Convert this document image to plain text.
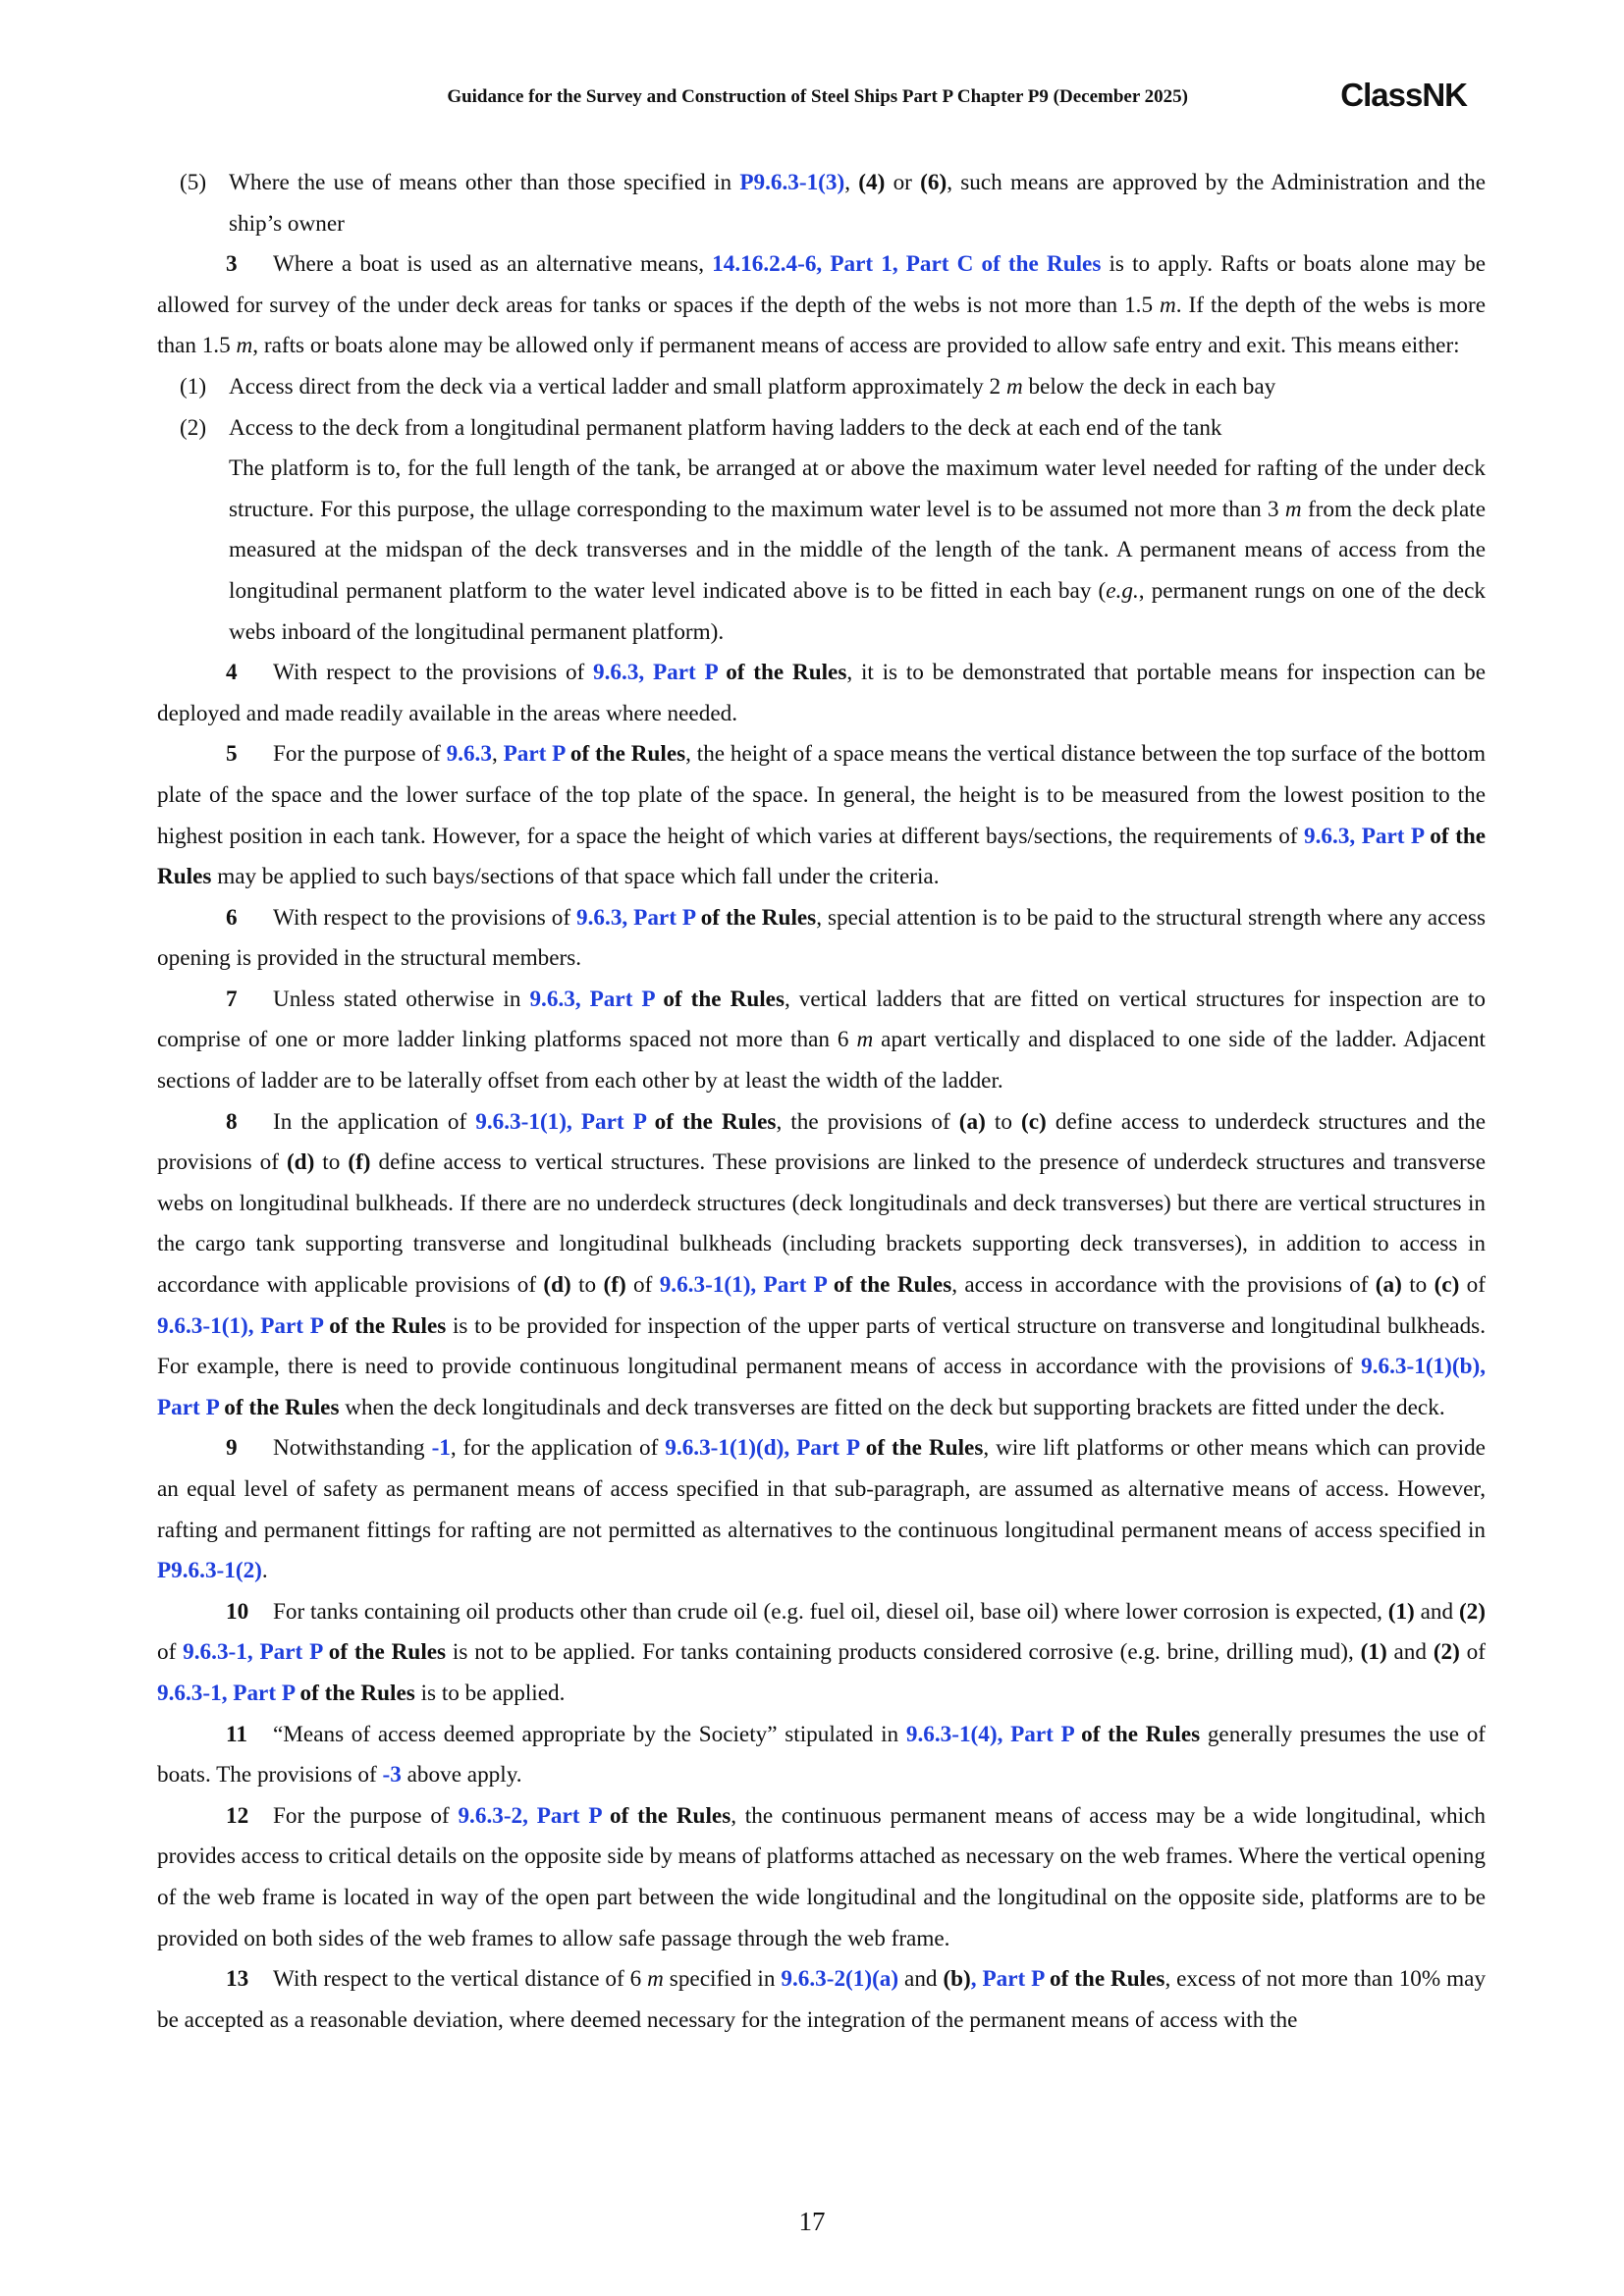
Guidance for the Survey and Construction of Steel Ships Part P Chapter P9 (December 2025)	ClassNK

(5) Where the use of means other than those specified in P9.6.3-1(3), (4) or (6), such means are approved by the Administration and the ship’s owner

3 Where a boat is used as an alternative means, 14.16.2.4-6, Part 1, Part C of the Rules is to apply. Rafts or boats alone may be allowed for survey of the under deck areas for tanks or spaces if the depth of the webs is not more than 1.5 m. If the depth of the webs is more than 1.5 m, rafts or boats alone may be allowed only if permanent means of access are provided to allow safe entry and exit. This means either:

(1) Access direct from the deck via a vertical ladder and small platform approximately 2 m below the deck in each bay

(2) Access to the deck from a longitudinal permanent platform having ladders to the deck at each end of the tank

The platform is to, for the full length of the tank, be arranged at or above the maximum water level needed for rafting of the under deck structure. For this purpose, the ullage corresponding to the maximum water level is to be assumed not more than 3 m from the deck plate measured at the midspan of the deck transverses and in the middle of the length of the tank. A permanent means of access from the longitudinal permanent platform to the water level indicated above is to be fitted in each bay (e.g., permanent rungs on one of the deck webs inboard of the longitudinal permanent platform).

4 With respect to the provisions of 9.6.3, Part P of the Rules, it is to be demonstrated that portable means for inspection can be deployed and made readily available in the areas where needed.

5 For the purpose of 9.6.3, Part P of the Rules, the height of a space means the vertical distance between the top surface of the bottom plate of the space and the lower surface of the top plate of the space. In general, the height is to be measured from the lowest position to the highest position in each tank. However, for a space the height of which varies at different bays/sections, the requirements of 9.6.3, Part P of the Rules may be applied to such bays/sections of that space which fall under the criteria.

6 With respect to the provisions of 9.6.3, Part P of the Rules, special attention is to be paid to the structural strength where any access opening is provided in the structural members.

7 Unless stated otherwise in 9.6.3, Part P of the Rules, vertical ladders that are fitted on vertical structures for inspection are to comprise of one or more ladder linking platforms spaced not more than 6 m apart vertically and displaced to one side of the ladder. Adjacent sections of ladder are to be laterally offset from each other by at least the width of the ladder.

8 In the application of 9.6.3-1(1), Part P of the Rules, the provisions of (a) to (c) define access to underdeck structures and the provisions of (d) to (f) define access to vertical structures. These provisions are linked to the presence of underdeck structures and transverse webs on longitudinal bulkheads. If there are no underdeck structures (deck longitudinals and deck transverses) but there are vertical structures in the cargo tank supporting transverse and longitudinal bulkheads (including brackets supporting deck transverses), in addition to access in accordance with applicable provisions of (d) to (f) of 9.6.3-1(1), Part P of the Rules, access in accordance with the provisions of (a) to (c) of 9.6.3-1(1), Part P of the Rules is to be provided for inspection of the upper parts of vertical structure on transverse and longitudinal bulkheads. For example, there is need to provide continuous longitudinal permanent means of access in accordance with the provisions of 9.6.3-1(1)(b), Part P of the Rules when the deck longitudinals and deck transverses are fitted on the deck but supporting brackets are fitted under the deck.

9 Notwithstanding -1, for the application of 9.6.3-1(1)(d), Part P of the Rules, wire lift platforms or other means which can provide an equal level of safety as permanent means of access specified in that sub-paragraph, are assumed as alternative means of access. However, rafting and permanent fittings for rafting are not permitted as alternatives to the continuous longitudinal permanent means of access specified in P9.6.3-1(2).

10 For tanks containing oil products other than crude oil (e.g. fuel oil, diesel oil, base oil) where lower corrosion is expected, (1) and (2) of 9.6.3-1, Part P of the Rules is not to be applied. For tanks containing products considered corrosive (e.g. brine, drilling mud), (1) and (2) of 9.6.3-1, Part P of the Rules is to be applied.

11 “Means of access deemed appropriate by the Society” stipulated in 9.6.3-1(4), Part P of the Rules generally presumes the use of boats. The provisions of -3 above apply.

12 For the purpose of 9.6.3-2, Part P of the Rules, the continuous permanent means of access may be a wide longitudinal, which provides access to critical details on the opposite side by means of platforms attached as necessary on the web frames. Where the vertical opening of the web frame is located in way of the open part between the wide longitudinal and the longitudinal on the opposite side, platforms are to be provided on both sides of the web frames to allow safe passage through the web frame.

13 With respect to the vertical distance of 6 m specified in 9.6.3-2(1)(a) and (b), Part P of the Rules, excess of not more than 10% may be accepted as a reasonable deviation, where deemed necessary for the integration of the permanent means of access with the

17
